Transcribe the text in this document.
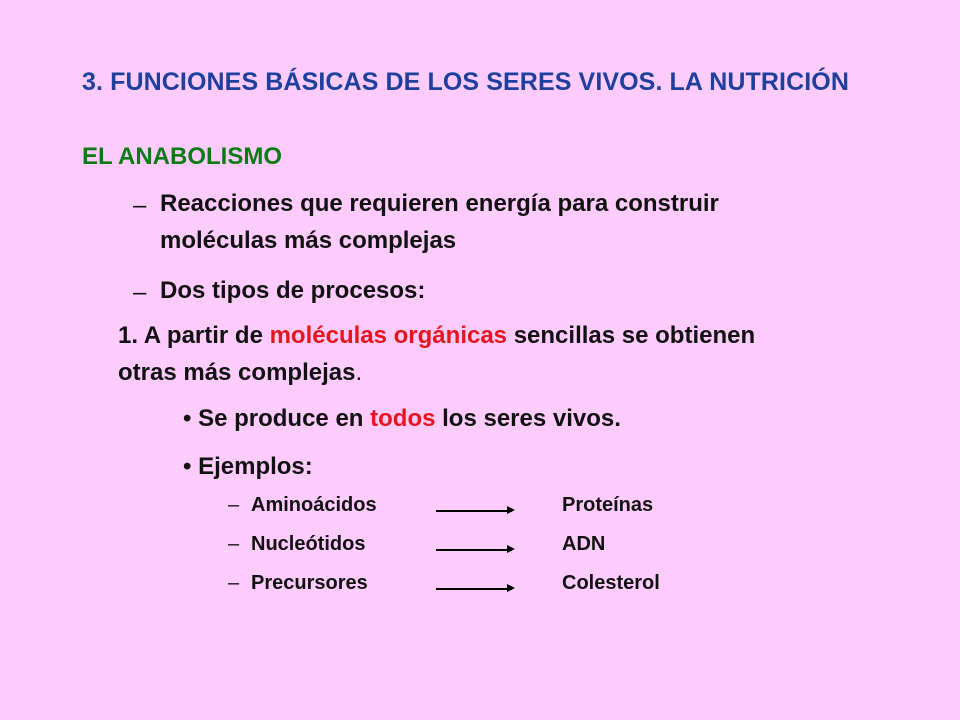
3. FUNCIONES BÁSICAS DE LOS SERES VIVOS. LA NUTRICIÓN
EL ANABOLISMO
– Reacciones que requieren energía para construir
moléculas más complejas
– Dos tipos de procesos:
1. A partir de moléculas orgánicas sencillas se obtienen
otras más complejas.
• Se produce en todos los seres vivos.
• Ejemplos:
– Aminoácidos	Proteínas
– Nucleótidos	ADN
– Precursores	Colesterol
